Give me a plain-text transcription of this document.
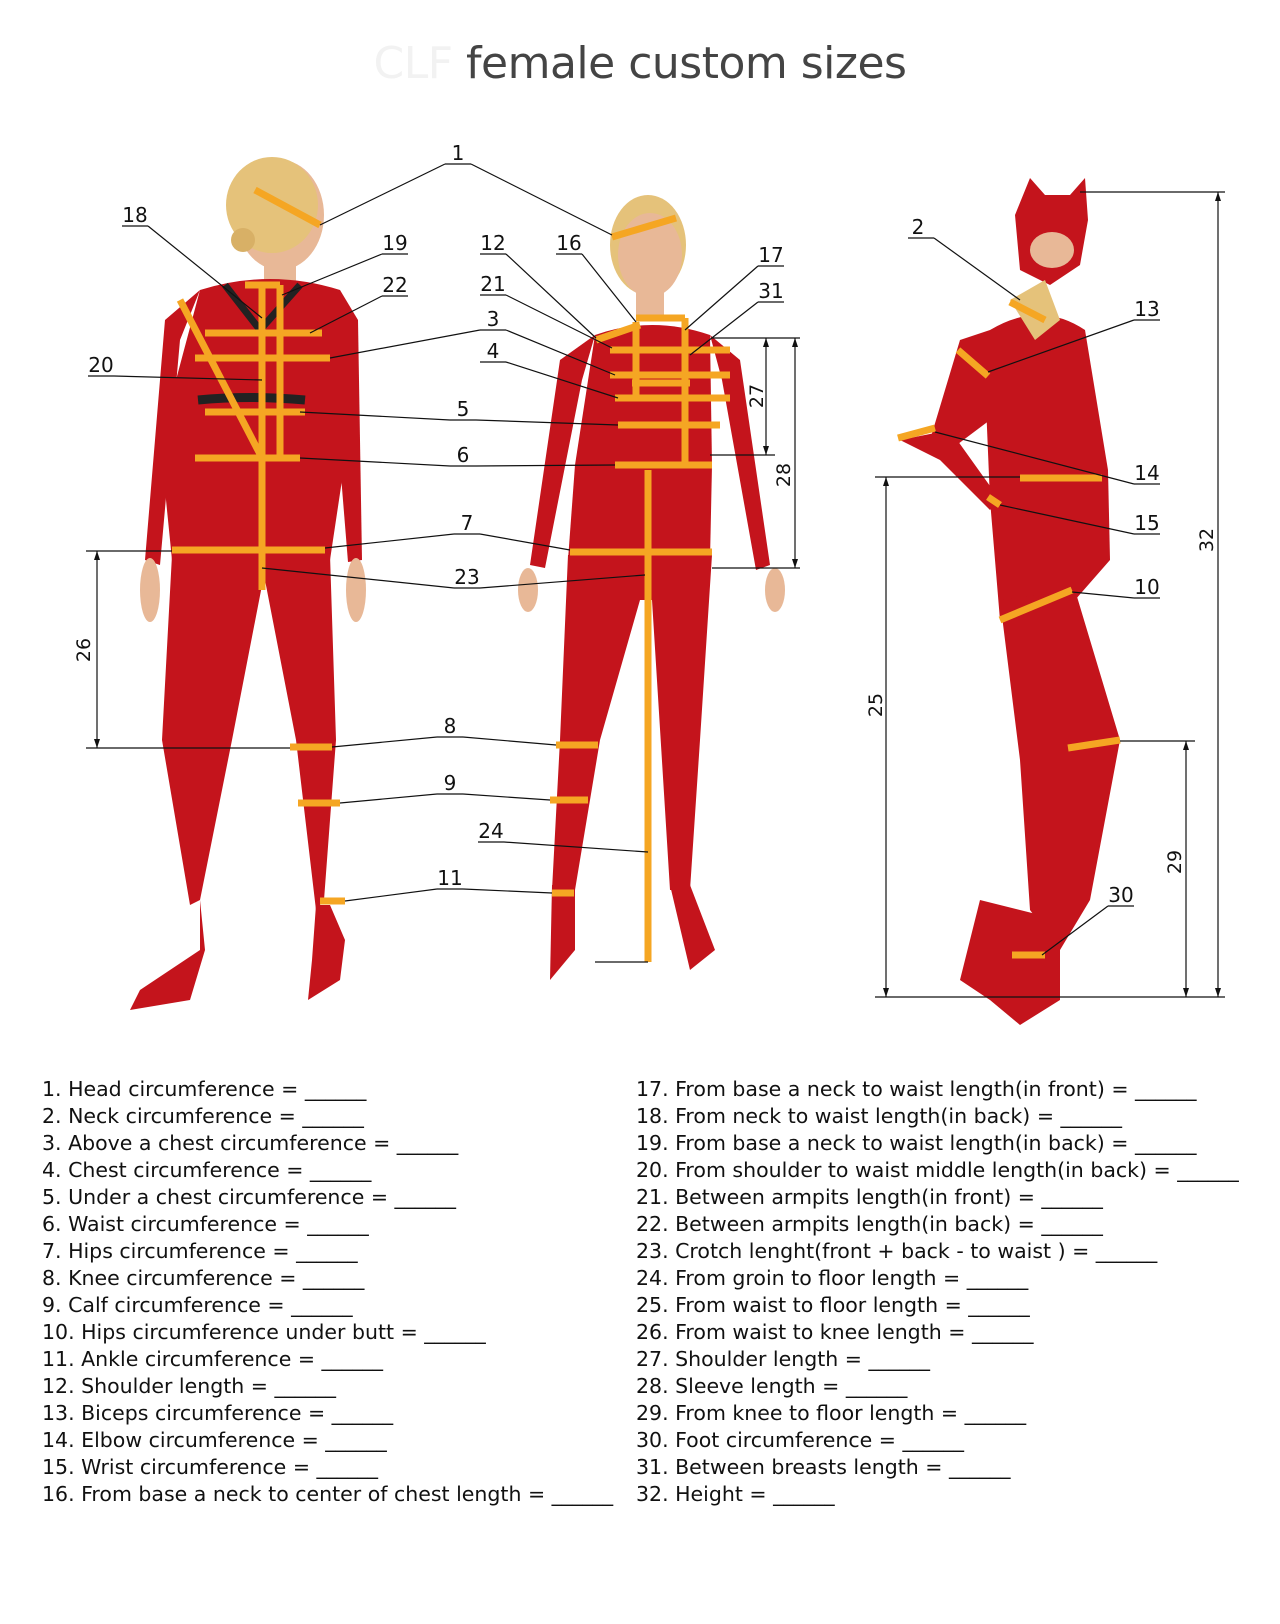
CLF female custom sizes
1
2
3
4
5
6
7
8
9
10
11
12
13
14
15
16	17
18
19
20
21
22
23
24
30
31
26
27
28
25
29
32
1. Head circumference = ______
2. Neck circumference = ______
3. Above a chest circumference = ______
4. Chest circumference = ______
5. Under a chest circumference = ______
6. Waist circumference = ______
7. Hips circumference = ______
8. Knee circumference = ______
9. Calf circumference = ______
10. Hips circumference under butt = ______
11. Ankle circumference = ______
12. Shoulder length = ______
13. Biceps circumference = ______
14. Elbow circumference = ______
15. Wrist circumference = ______
16. From base a neck to center of chest length = ______
17. From base a neck to waist length(in front) = ______
18. From neck to waist length(in back) = ______
19. From base a neck to waist length(in back) = ______
20. From shoulder to waist middle length(in back) = ______
21. Between armpits length(in front) = ______
22. Between armpits length(in back) = ______
23. Crotch lenght(front + back - to waist ) = ______
24. From groin to floor length = ______
25. From waist to floor length = ______
26. From waist to knee length = ______
27. Shoulder length = ______
28. Sleeve length = ______
29. From knee to floor length = ______
30. Foot circumference = ______
31. Between breasts length = ______
32. Height = ______
